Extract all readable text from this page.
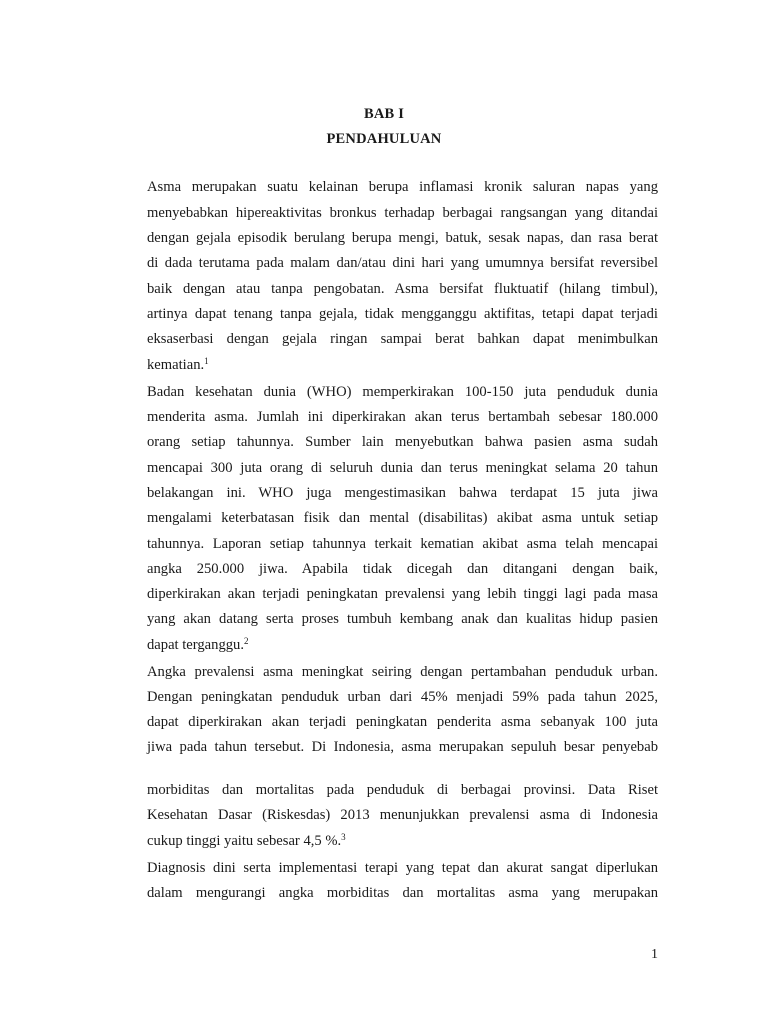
BAB I
PENDAHULUAN
Asma merupakan suatu kelainan berupa inflamasi kronik saluran napas yang
menyebabkan hipereaktivitas bronkus terhadap berbagai rangsangan yang ditandai
dengan gejala episodik berulang berupa mengi, batuk, sesak napas, dan rasa berat
di dada terutama pada malam dan/atau dini hari yang umumnya bersifat reversibel
baik dengan atau tanpa pengobatan. Asma bersifat fluktuatif (hilang timbul),
artinya dapat tenang tanpa gejala, tidak mengganggu aktifitas, tetapi dapat terjadi
eksaserbasi dengan gejala ringan sampai berat bahkan dapat menimbulkan
kematian.$^1$
Badan kesehatan dunia (WHO) memperkirakan 100-150 juta penduduk dunia
menderita asma. Jumlah ini diperkirakan akan terus bertambah sebesar 180.000
orang setiap tahunnya. Sumber lain menyebutkan bahwa pasien asma sudah
mencapai 300 juta orang di seluruh dunia dan terus meningkat selama 20 tahun
belakangan ini. WHO juga mengestimasikan bahwa terdapat 15 juta jiwa
mengalami keterbatasan fisik dan mental (disabilitas) akibat asma untuk setiap
tahunnya. Laporan setiap tahunnya terkait kematian akibat asma telah mencapai
angka 250.000 jiwa. Apabila tidak dicegah dan ditangani dengan baik,
diperkirakan akan terjadi peningkatan prevalensi yang lebih tinggi lagi pada masa
yang akan datang serta proses tumbuh kembang anak dan kualitas hidup pasien
dapat terganggu.$^2$
Angka prevalensi asma meningkat seiring dengan pertambahan penduduk urban.
Dengan peningkatan penduduk urban dari 45% menjadi 59% pada tahun 2025,
dapat diperkirakan akan terjadi peningkatan penderita asma sebanyak 100 juta
jiwa pada tahun tersebut. Di Indonesia, asma merupakan sepuluh besar penyebab
morbiditas dan mortalitas pada penduduk di berbagai provinsi. Data Riset
Kesehatan Dasar (Riskesdas) 2013 menunjukkan prevalensi asma di Indonesia
cukup tinggi yaitu sebesar 4,5 %.$^3$
Diagnosis dini serta implementasi terapi yang tepat dan akurat sangat diperlukan
dalam mengurangi angka morbiditas dan mortalitas asma yang merupakan
1
